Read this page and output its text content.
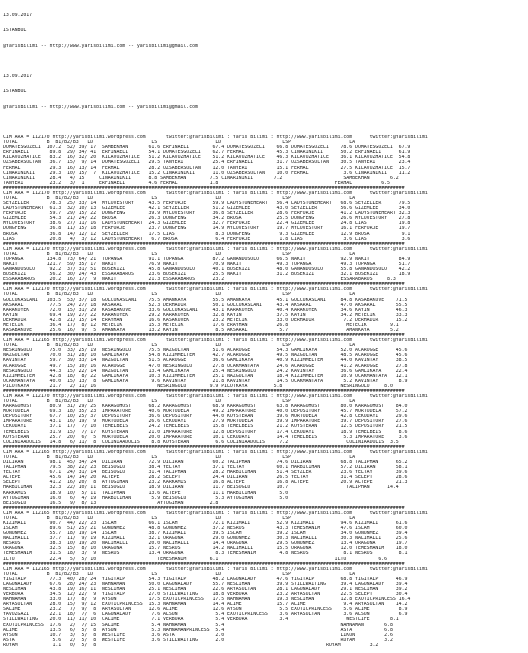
13.09.2017

ISTANBUL

@YarisBilimi -- http://www.yarisbilimi.com -- yarisbilimi@gmail.com

13.09.2017

ISTANBUL

@YarisBilimi -- http://www.yarisbilimi.com -- yarisbilimi@gmail.com

CIM ARA = 112170 http://yarisbilimi.wordpress.com       twitter:@YarisBilimi : Yaris Bilimi : http://www.yarisbilimi.com      twitter:@YarisBilimi
TOTAL          B  B1/B2/B3   LD                    LS                    LD                     LSP                    LA
DOMATESGUZELI  107.2  52/ 39/ 17  SAMBEKHAN       61.6 ERFINAELI        67.4 DOMATESGUZELI    66.8 DOMATESGUZELI    78.6 DOMATESGUZELI  67.9
ERFINAELI       89.8  29/ 34/ 41  ERFINAELI       54.1 DOMATESGUZELI    62.7 FERHAL           45.3 CINARINIKII      50.2 ERFINAELI      61.9
KILAVUZHATICE   83.2  16/ 32/ 20  KILAVUZHATICE   51.2 KILAVUZHATICE    51.2 KILAVUZHATICE    46.3 KILAVUZHATICE    36.1 KILAVUZHATICE  54.8
OZSABERSULTAN   36.7  15/  9/ 14  DOMATESGUZELI   29.5 TANYERI          25.4 ERFINAELI        31.7 OZSABERSULTAN    30.5 TANYERI        23.4
FERHAL          29.3  16/ 13/ 14  FERHAL          28.2 OZSABERSULTAN    12.0 TANYERI          15.1 FERHAL           27.5 KILAVUZHATICE  15.7
CINARINIKII     29.3  10/ 15/  7  KILAVUZHATICE   15.2 CINARINIKII      11.0 OZSABERSULTAN    10.0 FERHAL            3.6 CINARINIKII    11.2
CINARINIKII     28.4   4/ 15     CINARINIKII      8.8 SAMBEKHAN        7.5 CINARINIKII       7.2                     SAMBEKHAN       6.2
TANYERI         23.2   3/  1     ERFINAELI        4.6 FERHAL           1.8                                        FERHAL          6.5
##########################################################################################################################################
CIM ARA = 112170 http://yarisbilimi.wordpress.com       twitter:@YarisBilimi : Yaris Bilimi : http://www.yarisbilimi.com      twitter:@YarisBilimi
TOTAL          B  B1/B2/B3   LD                    LS                    LD                     LSP                    LA
SEYZELLER       78.3  25/ 33/ 14  MYLOVESTORY     43.5 FERFORJE         59.9 LADYSTONEHEART   56.4 LADYSTONEHEART   68.6 SEYZELLER      79.5
LADYSTONEHEART  61.3  32/ 10/ 13  GIZEMLEE        42.1 SEYZELLER        51.2 GIZEMLEE         43.0 SEYZELLER        56.6 GIZEMLEE       34.0
FERFORJE        59.7  29/ 15/ 22  DONGFENG        39.9 MYLOVESTORY      36.8 SEYZELLER        28.6 FERFORJE         41.2 LADYSTONEHEART 32.3
GIZEMLEE        54.3  21/ 24/ 22  BROSA           26.3 DONGFENG         34.2 BROSA            25.5 DONGFENG         26.6 MYLOVESTORY    27.8
MYLOVESTORY     38.6  27/ 11/ 16  LADYSTONEHEART  24.3 GIZEMLEE         32.7 FERFORJE         22.4 GIZEMLEE         24.8 LIAS           19.8
DONGFENG        36.8  11/ 15/ 18  FERFORJE        23.7 DONGFENG         14.9 MYLOVESTORY      19.7 MYLOVESTORY      16.1 FERFORJE       19.7
BROSA           36.8  14/ 12/ 12  SEYZELLER       17.5 LIAS              8.3 DONGFENG          9.3 GIZEMLEE         12.9 BROSA           9.1
LIAS            20.8   4/  3/ 12  LADYSTONEHEART   6.7 BROSA             6.4 FERFORJE          1.8 LIAS              3.6 LIAS            3.6
##########################################################################################################################################
CIM ARA = 112170 http://yarisbilimi.wordpress.com       twitter:@YarisBilimi : Yaris Bilimi : http://www.yarisbilimi.com      twitter:@YarisBilimi
TOTAL          B  B1/B2/B3   LD                    LS                    LD                     LSP                    LA
TUPANGA        134.8  73/ 64/ 21  TUPANGA         91.1 TUPANGA          87.2 GANANDOSOLO      66.5 NAKIT            92.9 NAKIT          84.9
NAKIT          121.7  59/ 35/ 17  NAKIT           76.9 NAKIT            70.9 NAKIT            49.3 TUPANGA          49.3 TUPANGA        51.7
GANANDOSOLO     92.2  37/ 31/ 51  BUSEKIZI        45.8 GANANDOSOLO      40.1 BUSEKIZI         48.0 GANANDOSOLO      55.8 GANANDOSOLO    42.2
BUSEKIZI        56.2  30/ 24/ 43  ESSARABAROS     23.6 BUSEKIZI         25.5 NAKIT            31.2 BUSEKIZI         32.1 BUSEKIZI       18.9
ESSARABAROS     20.2  16/ 17/  9  NAKIT           21.3 ESSARABAROS      23.2                                        ESSARABAROS     8.3
##########################################################################################################################################
CIM ARA = 112170 http://yarisbilimi.wordpress.com       twitter:@YarisBilimi : Yaris Bilimi : http://www.yarisbilimi.com      twitter:@YarisBilimi
TOTAL          B  B1/B2/B3   LD                    LS                    LD                     LSP                    LA
GOLCUKASLANI   103.5  53/ 37/ 18  GOLCUKASLANI    75.5 AMANKAYA         55.5 AMANKAYA         45.1 GOLCUKASLANI     84.8 KASABAKUVE    71.5
AKSARAL         77.5  24/ 27/ 18  AKSARAL         52.3 DERHADIR         50.1 GOLCUKASLANI     43.4 AKSARAL          47.0 AKSARAL       55.5
KARAKOYEK       72.0  15/ 31/ 29  KASABAKUVE      33.6 GOLCUKASLANI     43.1 KARAKOYEK        40.4 KARAKOYEK        34.6 KAYIN         46.3
KAYIN           69.4  19/ 27/ 22  KARAKOYEK       29.2 KARAKOYEK        32.8 KAYIN            37.5 KAYIN            34.2 METECIK       33.3
DERHADIR        42.8  21/ 15/ 14  ERAYHAN         16.6 KASAKUVEK        23.2 METECIK          33.0 DERHADIR          7.2 DERHADIR      15.2
METECIK         36.4  17/  8/ 12  METECIK         15.3 METECIK          17.6 ERAYHAN          26.8                    METECIK        9.1
KASABAKUVE      25.6  16/  9/  5  AMANKAYA        13.2 KAYIN             8.5 AKSARAL           5.7                    AMANKAYA       5.2
##########################################################################################################################################
CIM ARA = 112165 http://yarisbilimi.wordpress.com       twitter:@YarisBilimi : Yaris Bilimi : http://www.yarisbilimi.com      twitter:@YarisBilimi
TOTAL          B  B1/B2/B3   LD                    LS                    LD                     LSP                    LA
NESRINGULU      75.0  33/ 25/ 19  NESRINGULU      75.5 NAZGULTAN        51.6 ACAROGGE         54.3 GAMLIKAYA        52.0 ACAROGGE      45.6
NAZGULTAN       70.0  31/ 28/ 10  GAMLIKAYA       54.8 KIZIMMELTEM      42.7 ACAROGGE         49.5 NAZGULTAN        48.5 ACAROGGE      45.6
KAVINTAY        59.7  39/ 33/ 14  NAZGULTAN       51.5 ACAROGGE         36.6 GAMLIKAYA        40.9 KIZIMMELTEM      44.0 KAVINTAY      38.5
ACAROGGE        49.7  15/ 10/ 16  ACAROGGE        47.0 NESRINGULU       27.8 OCAKMANTAYA      24.6 ACAROGGE         41.2 ACAROGGE      27.8
NESRINGULU      44.3  15/ 22/ 14  NAZGULTAN       13.4 GAMLIKAYA        25.4 NESRINGULU       24.2 KAVINTAY         36.6 GAMLIKAYA     22.4
KIZIMMELTEM     42.8  18/  8/ 22  GAMLIKAYA       10.3 KIZIMMELTEM      25.1 NAZGULTAN        18.4 KIZIMMELTEM      10.9 OCAKMANTAYA   12.1
OCAKMANTAYA     40.0  15/ 13/  8  GAMLIKAYA        9.6 KAVINTAY         21.8 KAVINTAY         14.5 OCAKMANTAYA       5.2 KAVINTAY       8.9
PILOTKAYA       21.7   2/ 11/ 16                     NESRINGULU        9.9 PILOTKAYA         5.8                    NESRINGULU     8.0
##########################################################################################################################################
CIM ARA = 112170 http://yarisbilimi.wordpress.com       twitter:@YarisBilimi : Yaris Bilimi : http://www.yarisbilimi.com      twitter:@YarisBilimi
TOTAL          B  B1/B2/B3   LD                    LS                    LD                     LSP                    LA
KARAGOHOST      80.9  31/ 29/ 25  KARAGOHOST      68.2 KARAGOHOST       68.9 KARAGOHOST       63.8 KARAGOHOST       80.0 KARAGOHOST    84.0
MORTODELA       69.3  18/ 35/ 23  IMPARATORE      40.6 MORTODELA        49.2 IMPARATORE       40.0 DEPOSITORY       45.7 MORTODELA     57.2
DEPOSITORY      67.7  10/ 25/ 37  DEPOSITORY      36.6 DEPOSITORY       44.0 KOYSTERAN        39.6 MORTODELA        42.8 CEKODAYI      29.6
IMPARATORE      43.1  16/ 19/  9  MORTODELA       26.6 CEKODAYI         27.9 MORTODELA        39.9 IMPARATORE       39.7 DEPOSITORY    27.6
CEKODAYI        37.1  17/  7/ 10  TEMELBEIS       24.2 TEMELBEIS        15.8 TEMELBEIS        21.2 KOYSTERAN        12.5 DEPOSITORY    21.5
TEMELBEIS       31.9  15/  7/ 17  KOYSTERAN       21.0 IMPARATORE       12.8 DEPOSITORY       17.4 CEKODAYI         18.9 TEMELBEIS      8.6
KOYSTERAN       25.7  20/  6/  5  MORTODELA       20.0 IMPARATORE       10.1 CEKODAYI         14.4 TEMELBEIS         5.3 IMPARATORE     3.6
COLINIAADOLIS   14.8   6/ 11/  8  COLINIAADOLIS    8.8 KOYSTERAN         6.6 COLINIAADOLIS     7.2                    COLINIAADOLIS  3.5
##########################################################################################################################################
CIM ARA = 112165 http://yarisbilimi.wordpress.com       twitter:@YarisBilimi : Yaris Bilimi : http://www.yarisbilimi.com      twitter:@YarisBilimi
TOTAL          B  B1/B2/B3   LD                    LS                    LD                     LSP                    LA
DILIRAN         98.1  45/ 34/ 24  DILIRAN         72.9 DILIRAN          60.2 TALIPHAN         74.6 DILIRAN          68.8 TALIPHAN      65.2
TALIPHAN        79.5  38/ 22/ 23  BEISOGLU        38.4 YELTAY           37.1 YELTAY           60.1 HARBICIHAN       57.2 DILIRAN       58.1
YELTAY          67.1  24/ 31/ 14  BEISOGLU        31.4 TALIPHAN         28.2 HARBICIHAN       51.4 SEYZLER          23.6 YELTAY        39.6
ALTEPE          45.6  14/ 14/ 20  ALTEPE          28.2 SELEPT           24.4 DILIRAN          26.5 YELTAY           31.4 SELEPT        28.6
SELEPT          41.2  16/ 20/  8  AYTUGIHAN       23.2 KARKAMIS         16.8 ALTEPE           16.8 ALTEPE           20.9 ALTEPE        21.3
HARBICIHAN      32.3  22/ 10/ 11  BEISOGLU        18.9 DILIRAN          11.7 BEISOGLU         10.7                    TALIPHAN      14.4
KARKAMIS        18.9  10/  5/ 11  TALIPHAN        13.6 ALTEPE           11.1 HARBICIHAN        5.0
AYTUGIHAN       16.0   6/  4/ 19  HARBICIHAN       5.9 BEISOGLU          5.3 AYTUGIHAN         5.0
BEISOGLU        16.5   9/  8/ 13                     AYTUGIHAN         2.8
##########################################################################################################################################
CIM ARA = 112165 http://yarisbilimi.wordpress.com       twitter:@YarisBilimi : Yaris Bilimi : http://www.yarisbilimi.com      twitter:@YarisBilimi
TOTAL          B  B1/B2/B3   LD                    LS                    LD                     LSP                    LA
KIZIMALI        90.7  44/ 22/ 23  ISLAH           66.1 ISLAH            72.1 KIZIMALI         52.9 KIZIMALI         94.6 KIZIMALI      61.6
ISLAH           89.6  51/ 25/ 21  GONUNMEZ        48.8 GONUNMEZ         37.2 NESROS           43.3 TEMESHANIM       47.6 ISLAH         60.0
GONUNMEZ        55.7  18/ 19/ 14  ISLAH           38.7 KIZIMALI         39.5 ISLAH            39.2 ISLAH            34.0 GONUNMEZ      39.4
NALIHALLI       37.7  11/  9/ 19  KIZIMALI        32.1 ORAGUNA          29.0 GONUNMEZ         30.3 NALIHALLI        30.3 NALIHALLI     25.6
NESROS          38.3  10/ 19/ 20  NALIHALLI       20.0 NALIHALLI        14.4 ORAGUNA          29.5 GONUNMEZ         13.4 ORAGUNA       19.7
ORAGUNA         32.5  15/  8/ 10  ORAGUNA         15.7 NESROS           14.2 NALIHALLI        15.5 ORAGUNA          12.0 TEMESHANIM    18.0
TEMESHANIM      31.5  18/  3/  9  NESROS          13.4 ORAGUNA           8.3 TEMESHANIM        4.8 NESROS            8.1 NESROS         8.1
ILTU            22.4   5/  5/ 10                     TEMESHANIM        6.1                                        ILTU           6.6
##########################################################################################################################################
CIM ARA = 112165 http://yarisbilimi.wordpress.com       twitter:@YarisBilimi : Yaris Bilimi : http://www.yarisbilimi.com      twitter:@YarisBilimi
TOTAL          B  B1/B2/B3   LD                    LS                    LD                     LSP                    LA
YIGITALP        77.3  40/ 28/ 24  YIGITALP        54.3 YIGITALP         48.2 LAGUNALADY       47.6 YIGITALP         68.8 YIGITALP      46.9
LAGUNALADY      67.6  28/ 24/ 23  NAHNAMAN        50.0 LAGUNALADY       55.7 NESLIHAN         39.9 STILLWAITING     39.4 LAGUNALADY    39.4
NESLIHAN        43.8  19/ 16/ 11  NESLIHAN        25.1 NESLIHAN         22.6 ARYASULTAN       28.1 LAGUNALADY       29.1 NESLIHAN      39.2
VERBORA         34.5  12/ 22/  9  YIGITALP        27.0 STILLWAITING     18.8 VERBORA          23.2 ARYASULTAN       22.5 SELEPT        30.4
NAHNAMAN        33.0  17/  8/  9  AYSUN           17.5 EXOTICPRINCESS   17.5 NAHNAMAN         19.3 NESLIHAN         12.8 EXOTICPRINCESS 16.4
ARYASULTAN      28.0  15/  9/ 12  EXOTICPRINCESS  15.3 NAHNAMAN         14.4 ALIME            15.7 ALIME             9.4 ARYASULTAN    14.2
SALIME          23.2   7/  9/  8  ARYASULTAN      12.6 ALIME            12.6 AYSUN             5.5 EXOTICPRINCESS    5.6 ALIME          8.9
YAVUZGAZI       22.1  18/  7/  6  LAGUNALADY       7.6 ALSUN             5.4 EXOTICPRINCESS    3.6 ARYASULTAN        3.6 ALSUN          6.9
STILLWAITING    20.0  11/ 11/ 10  CALIME           7.1 VERBORA           5.4 VERBORA           3.4                    WESTLIFE       8.1
EXOTICPRINCESS  17.6   2/  7/ 15  SALIME           5.4 NAHNAMAN          5.4                                        NAHNAMAN       6.8
ALIME           13.5   6/  5/  8  AYSUN            5.3 NAHNAMANPRINCESS  5.4                                        ASTA           6.8
AYSUN           10.7   3/  5/  8  WESTLIFE         3.6 ASTA              2.0                                        LIKUN          2.6
ASTA             5.6   2/  5/  8  WESTLIFE         3.6 STILLWAITING      2.0                                        RUYAM          3.2
RUYAM            1.1   0/  5/  8                                                                               RUYAM          3.2
